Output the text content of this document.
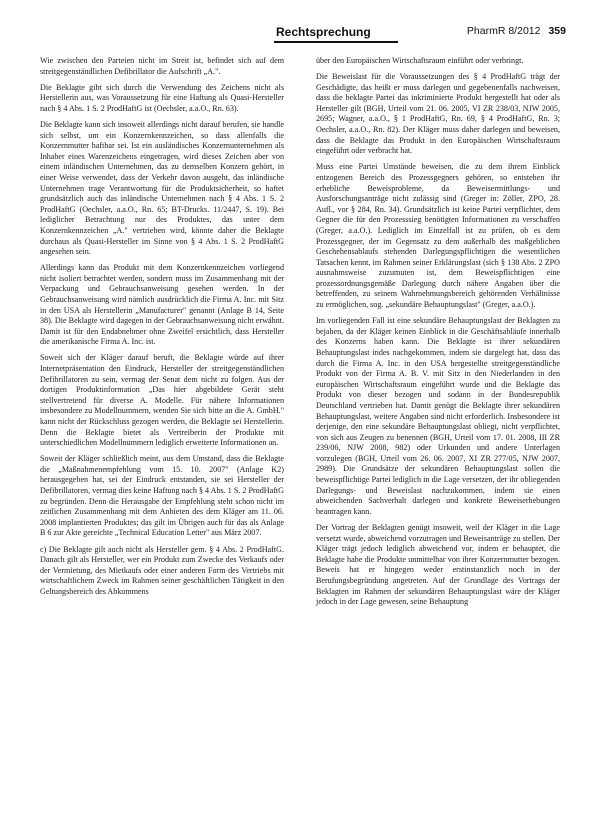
Rechtsprechung	PharmR 8/2012 359

Wie zwischen den Parteien nicht im Streit ist, befindet sich auf dem streitgegenständlichen Defibrillator die Aufschrift „A.".

Die Beklagte gibt sich durch die Verwendung des Zeichens nicht als Herstellerin aus, was Voraussetzung für eine Haftung als Quasi-Hersteller nach § 4 Abs. 1 S. 2 ProdHaftG ist (Oechsler, a.a.O., Rn. 63).

Die Beklagte kann sich insoweit allerdings nicht darauf berufen, sie handle sich selbst, um ein Konzernkennzeichen, so dass allenfalls die Konzernmutter haftbar sei. Ist ein ausländisches Konzernunternehmen als Inhaber eines Warenzeichens eingetragen, wird dieses Zeichen aber von einem inländischen Unternehmen, das zu demselben Konzern gehört, in einer Weise verwendet, dass der Verkehr davon ausgeht, das inländische Unternehmen trage Verantwortung für die Produktsicherheit, so haftet grundsätzlich auch das inländische Unternehmen nach § 4 Abs. 1 S. 2 ProdHaftG (Oechsler, a.a.O., Rn. 65; BT-Drucks. 11/2447, S. 19). Bei lediglicher Betrachtung nur des Produktes, das unter dem Konzernkennzeichen „A." vertrieben wird, könnte daher die Beklagte durchaus als Quasi-Hersteller im Sinne von § 4 Abs. 1 S. 2 ProdHaftG angesehen sein.

Allerdings kann das Produkt mit dem Konzernkennzeichen vorliegend nicht isoliert betrachtet werden, sondern muss im Zusammenhang mit der Verpackung und Gebrauchsanweisung gesehen werden. In der Gebrauchsanweisung wird nämlich ausdrücklich die Firma A. Inc. mit Sitz in den USA als Herstellerin „Manufacturer" genannt (Anlage B 14, Seite 38). Die Beklagte wird dagegen in der Gebrauchsanweisung nicht erwähnt. Damit ist für den Endabnehmer ohne Zweifel ersichtlich, dass Hersteller die amerikanische Firma A. Inc. ist.

Soweit sich der Kläger darauf beruft, die Beklagte würde auf ihrer Internetpräsentation den Eindruck, Hersteller der streitgegenständlichen Defibrillatoren zu sein, vermag der Senat dem nicht zu folgen. Aus der dortigen Produktinformation „Das hier abgebildete Gerät steht stellvertretend für diverse A. Modelle. Für nähere Informationen insbesondere zu Modellnummern, wenden Sie sich bitte an die A. GmbH." kann nicht der Rückschluss gezogen werden, die Beklagte sei Herstellerin. Denn die Beklagte bietet als Vertreiberin der Produkte mit unterschiedlichen Modellnummern lediglich erweiterte Informationen an.

Soweit der Kläger schließlich meint, aus dem Umstand, dass die Beklagte die „Maßnahmenempfehlung vom 15. 10. 2007" (Anlage K2) herausgegeben hat, sei der Eindruck entstanden, sie sei Hersteller der Defibrillatoren, vermag dies keine Haftung nach § 4 Abs. 1 S. 2 ProdHaftG zu begründen. Denn die Herausgabe der Empfehlung steht schon nicht im zeitlichen Zusammenhang mit dem Anbieten des dem Kläger am 11. 06. 2008 implantierten Produktes; das gilt im Übrigen auch für das als Anlage B 6 zur Akte gereichte „Technical Education Letter" aus März 2007.

c) Die Beklagte gilt auch nicht als Hersteller gem. § 4 Abs. 2 ProdHaftG. Danach gilt als Hersteller, wer ein Produkt zum Zwecke des Verkaufs oder der Vermietung, des Mietkaufs oder einer anderen Form des Vertriebs mit wirtschaftlichem Zweck im Rahmen seiner geschäftlichen Tätigkeit in den Geltungsbereich des Abkommens

über den Europäischen Wirtschaftsraum einführt oder verbringt.

Die Beweislast für die Voraussetzungen des § 4 ProdHaftG trägt der Geschädigte, das heißt er muss darlegen und gegebenenfalls nachweisen, dass die beklagte Partei das inkriminierte Produkt hergestellt hat oder als Hersteller gilt (BGH, Urteil vom 21. 06. 2005, VI ZR 238/03, NJW 2005, 2695; Wagner, a.a.O., § 1 ProdHaftG, Rn. 69, § 4 ProdHaftG, Rn. 3; Oechsler, a.a.O., Rn. 82). Der Kläger muss daher darlegen und beweisen, dass die Beklagte das Produkt in den Europäischen Wirtschaftsraum eingeführt oder verbracht hat.

Muss eine Partei Umstände beweisen, die zu dem ihrem Einblick entzogenen Bereich des Prozessgegners gehören, so entstehen ihr erhebliche Beweisprobleme, da Beweisermittlungs- und Ausforschungsanträge nicht zulässig sind (Greger in: Zöller, ZPO, 28. Aufl., vor § 284, Rn. 34). Grundsätzlich ist keine Partei verpflichtet, dem Gegner die für den Prozesssieg benötigten Informationen zu verschaffen (Greger, a.a.O.). Lediglich im Einzelfall ist zu prüfen, ob es dem Prozessgegner, der im Gegensatz zu dem außerhalb des maßgeblichen Geschehensablaufs stehenden Darlegungspflichtigen die wesentlichen Tatsachen kennt, im Rahmen seiner Erklärungslast (sich § 138 Abs. 2 ZPO ausnahmsweise zuzumuten ist, dem Beweispflichtigen eine prozessordnungsgemäße Darlegung durch nähere Angaben über die betreffenden, zu seinem Wahrnehmungsbereich gehörenden Verhältnisse zu ermöglichen, sog. „sekundäre Behauptungslast" (Greger, a.a.O.).

Im vorliegenden Fall ist eine sekundäre Behauptungslast der Beklagten zu bejahen, da der Kläger keinen Einblick in die Geschäftsabläufe innerhalb des Konzerns haben kann. Die Beklagte ist ihrer sekundären Behauptungslast indes nachgekommen, indem sie dargelegt hat, dass das durch die Firma A. Inc. in den USA hergestellte streitgegenständliche Produkt von der Firma A. B. V. mit Sitz in den Niederlanden in den europäischen Wirtschaftsraum eingeführt wurde und die Beklagte das Produkt von dieser bezogen und sodann in der Bundesrepublik Deutschland vertrieben hat. Damit genügt die Beklagte ihrer sekundären Behauptungslast, weitere Angaben sind nicht erforderlich. Insbesondere ist derjenige, den eine sekundäre Behauptungslast obliegt, nicht verpflichtet, von sich aus Zeugen zu benennen (BGH, Urteil vom 17. 01. 2008, III ZR 239/06, NJW 2008, 982) oder Urkunden und andere Unterlagen vorzulegen (BGH, Urteil vom 26. 06. 2007, XI ZR 277/05, NJW 2007, 2989). Die Grundsätze der sekundären Behauptungslast sollen die beweispflichtige Partei lediglich in die Lage versetzen, der ihr obliegenden Darlegungs- und Beweislast nachzukommen, indem sie einen abweichenden Sachverhalt darlegen und konkrete Beweiserhebungen beantragen kann.

Der Vortrag der Beklagten genügt insoweit, weil der Kläger in die Lage versetzt wurde, abweichend vorzutragen und Beweisanträge zu stellen. Der Kläger trägt jedoch lediglich abweichend vor, indem er behauptet, die Beklagte habe die Produkte unmittelbar von ihrer Konzernmutter bezogen. Beweis hat er hingegen weder erstinstanzlich noch in der Berufungsbegründung angetreten. Auf der Grundlage des Vortrags der Beklagten im Rahmen der sekundären Behauptungslast wäre der Kläger jedoch in der Lage gewesen, seine Behauptung
